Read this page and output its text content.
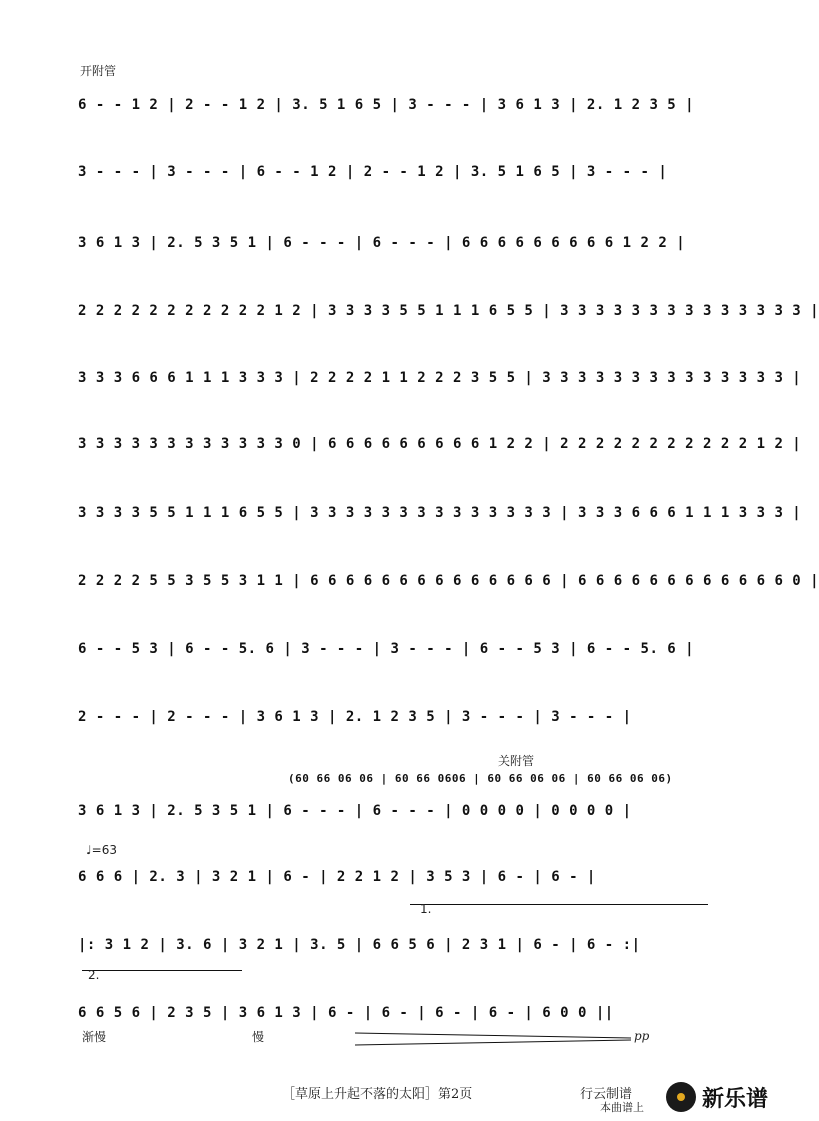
开附管
6 - - 1 2 | 2 - - 1 2 | 3. 5 1 6 5 | 3 - - - | 3 6 1 3 | 2. 1 2 3 5 |
3 - - - | 3 - - - | 6 - - 1 2 | 2 - - 1 2 | 3. 5 1 6 5 | 3 - - - |
3 6 1 3 | 2. 5 3 5 1 | 6 - - - | 6 - - - | 6 6 6 6 6 6 6 6 6 1 2 2 |
2 2 2 2 2 2 2 2 2 2 2 1 2 | 3 3 3 3 5 5 1 1 1 6 5 5 | 3 3 3 3 3 3 3 3 3 3 3 3 3 3 |
3 3 3 6 6 6 1 1 1 3 3 3 | 2 2 2 2 1 1 2 2 2 3 5 5 | 3 3 3 3 3 3 3 3 3 3 3 3 3 3 |
3 3 3 3 3 3 3 3 3 3 3 3 0 | 6 6 6 6 6 6 6 6 6 1 2 2 | 2 2 2 2 2 2 2 2 2 2 2 1 2 |
3 3 3 3 5 5 1 1 1 6 5 5 | 3 3 3 3 3 3 3 3 3 3 3 3 3 3 | 3 3 3 6 6 6 1 1 1 3 3 3 |
2 2 2 2 5 5 3 5 5 3 1 1 | 6 6 6 6 6 6 6 6 6 6 6 6 6 6 | 6 6 6 6 6 6 6 6 6 6 6 6 0 |
6 - - 5 3 | 6 - - 5. 6 | 3 - - - | 3 - - - | 6 - - 5 3 | 6 - - 5. 6 |
2 - - - | 2 - - - | 3 6 1 3 | 2. 1 2 3 5 | 3 - - - | 3 - - - |
关附管
(60 66 06 06 | 60 66 0606 | 60 66 06 06 | 60 66 06 06)
3 6 1 3 | 2. 5 3 5 1 | 6 - - - | 6 - - - | 0 0 0 0 | 0 0 0 0 |
♩=63
6 6 6 | 2. 3 | 3 2 1 | 6 - | 2 2 1 2 | 3 5 3 | 6 - | 6 - |
1.
|: 3 1 2 | 3. 6 | 3 2 1 | 3. 5 | 6 6 5 6 | 2 3 1 | 6 - | 6 - :|
2.
6 6 5 6 | 2 3 5 | 3 6 1 3 | 6 - | 6 - | 6 - | 6 - | 6 0 0 ||
渐慢	慢	pp
［草原上升起不落的太阳］第2页	行云制谱
本曲谱上	新乐谱
